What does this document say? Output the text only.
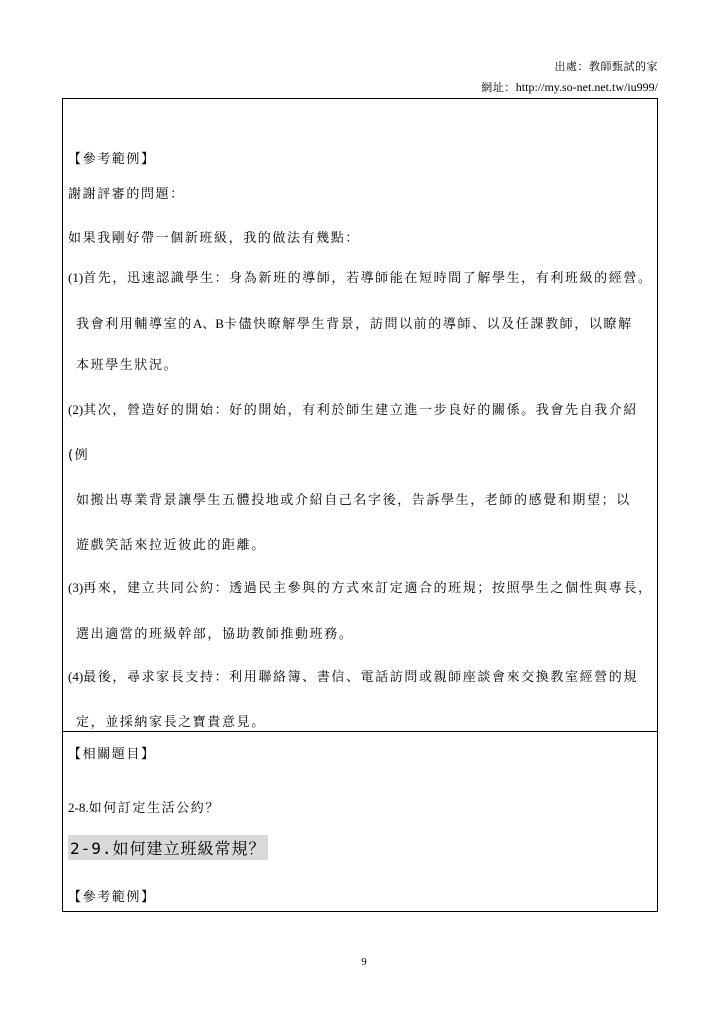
出處：教師甄試的家
網址：http://my.so-net.net.tw/iu999/
【參考範例】
謝謝評審的問題：
如果我剛好帶一個新班級，我的做法有幾點：
(1)首先，迅速認識學生：身為新班的導師，若導師能在短時間了解學生，有利班級的經營。
我會利用輔導室的A、B卡儘快瞭解學生背景，訪問以前的導師、以及任課教師，以瞭解
本班學生狀況。
(2)其次，營造好的開始：好的開始，有利於師生建立進一步良好的關係。我會先自我介紹
(例
如搬出專業背景讓學生五體投地或介紹自己名字後，告訴學生，老師的感覺和期望；以
遊戲笑話來拉近彼此的距離。
(3)再來，建立共同公約：透過民主參與的方式來訂定適合的班規；按照學生之個性與專長，
選出適當的班級幹部，協助教師推動班務。
(4)最後，尋求家長支持：利用聯絡簿、書信、電話訪問或親師座談會來交換教室經營的規
定，並採納家長之寶貴意見。
【相關題目】
2-8.如何訂定生活公約？
2-9.如何建立班級常規？
【參考範例】
9
